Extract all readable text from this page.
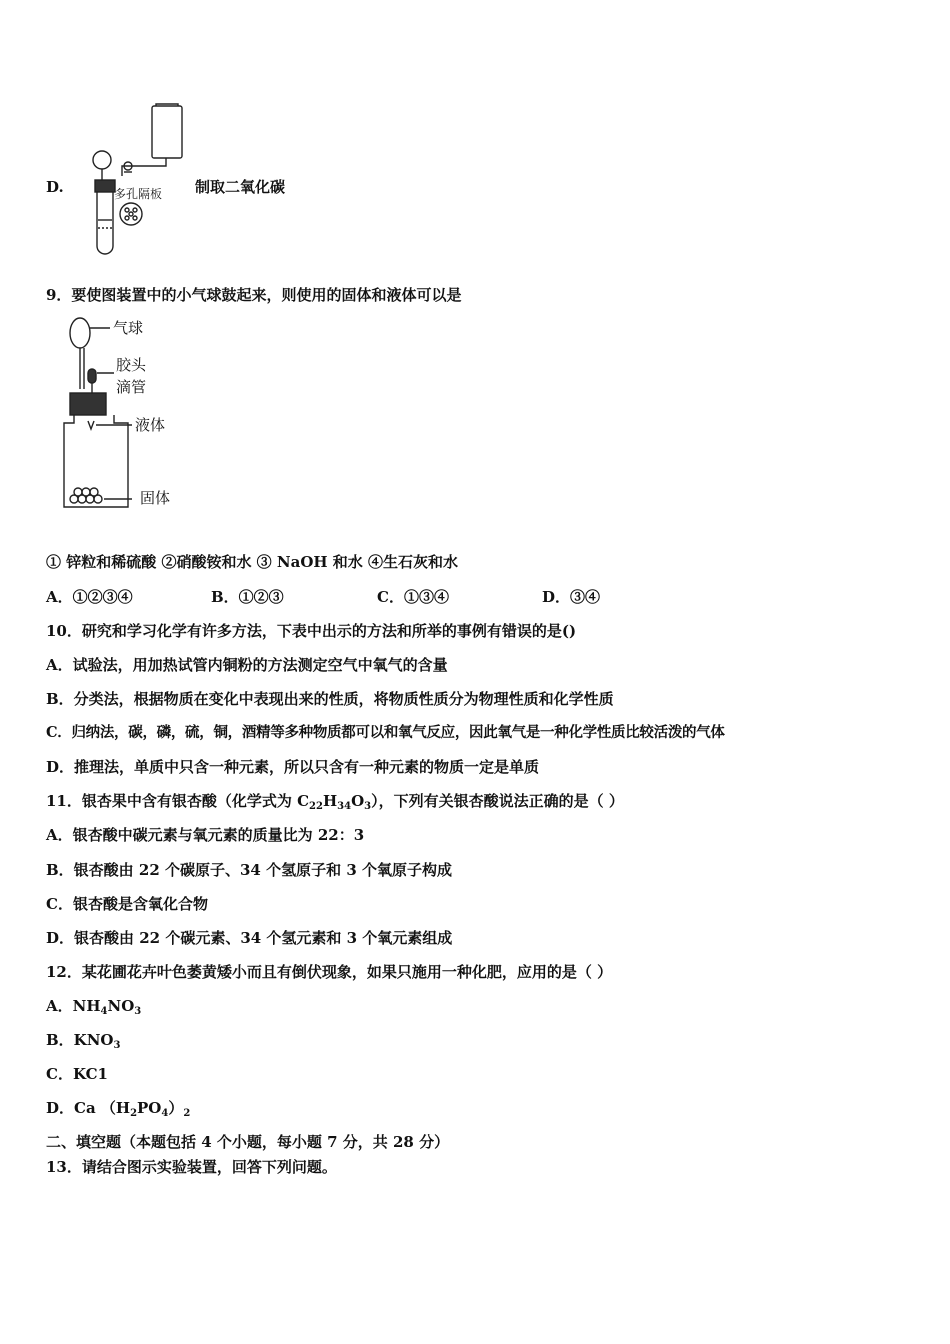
D.	多孔隔板 制取二氧化碳
9．要使图装置中的小气球鼓起来，则使用的固体和液体可以是
气球
胶头
滴管
液体
固体
① 锌粒和稀硫酸 ②硝酸铵和水 ③ NaOH 和水 ④生石灰和水
A．①②③④	B．①②③	C．①③④	D．③④
10．研究和学习化学有许多方法，下表中出示的方法和所举的事例有错误的是()
A．试验法，用加热试管内铜粉的方法测定空气中氧气的含量
B．分类法，根据物质在变化中表现出来的性质，将物质性质分为物理性质和化学性质
C．归纳法，碳，磷，硫，铜，酒精等多种物质都可以和氧气反应，因此氧气是一种化学性质比较活泼的气体
D．推理法，单质中只含一种元素，所以只含有一种元素的物质一定是单质
11．银杏果中含有银杏酸（化学式为 $C_{22}H_{34}O_3$），下列有关银杏酸说法正确的是（ ）
A．银杏酸中碳元素与氧元素的质量比为 22：3
B．银杏酸由 22 个碳原子、34 个氢原子和 3 个氧原子构成
C．银杏酸是含氧化合物
D．银杏酸由 22 个碳元素、34 个氢元素和 3 个氧元素组成
12．某花圃花卉叶色萎黄矮小而且有倒伏现象，如果只施用一种化肥，应用的是（ ）
A．$NH_4NO_3$
B．$KNO_3$
C．KC1
D．Ca $(H_2PO_4)_2$
二、填空题（本题包括 4 个小题，每小题 7 分，共 28 分）
13．请结合图示实验装置，回答下列问题。
